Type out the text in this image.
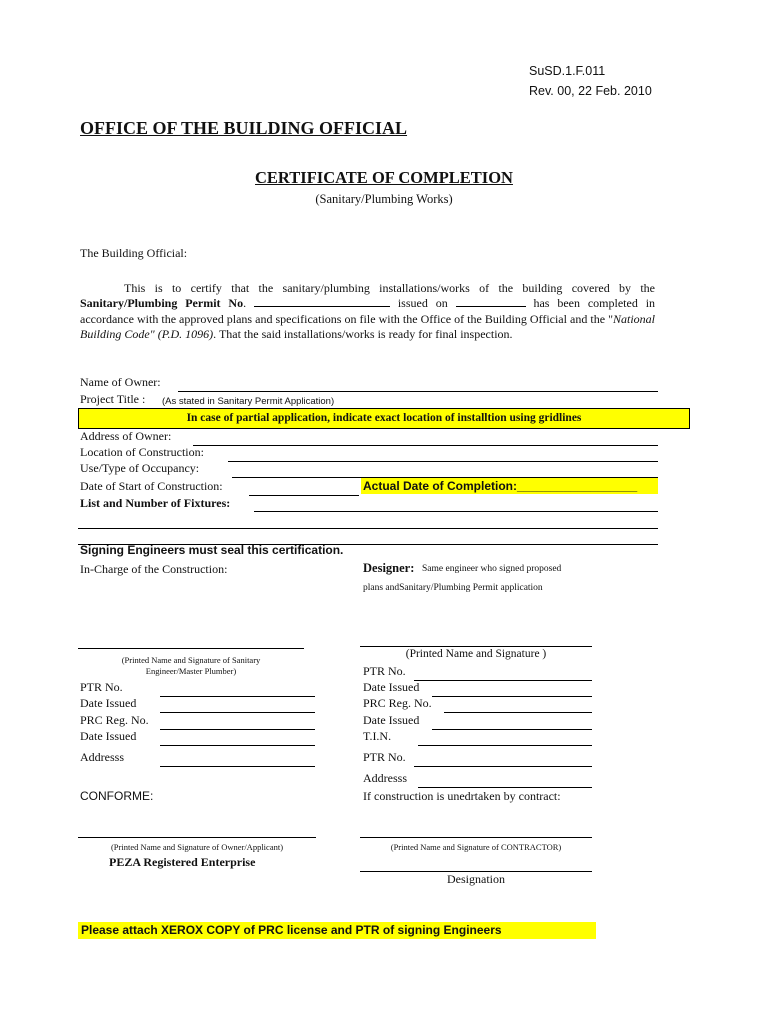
SuSD.1.F.011
Rev. 00, 22 Feb. 2010
OFFICE OF THE BUILDING OFFICIAL
CERTIFICATE OF COMPLETION
(Sanitary/Plumbing Works)
The Building Official:
This is to certify that the sanitary/plumbing installations/works of the building covered by the Sanitary/Plumbing Permit No.	issued on	has been completed in accordance with the approved plans and specifications on file with the Office of the Building Official and the "National Building Code" (P.D. 1096). That the said installations/works is ready for final inspection.
Name of Owner:
Project Title : (As stated in Sanitary Permit Application)
In case of partial application, indicate exact location of installtion using gridlines
Address of Owner:
Location of Construction:
Use/Type of Occupancy:
Date of Start of Construction:	Actual Date of Completion:__________________
List and Number of Fixtures:
Signing Engineers must seal this certification.
In-Charge of the Construction:	Designer: Same engineer who signed proposed
plans andSanitary/Plumbing Permit application
(Printed Name and Signature of Sanitary
Engineer/Master Plumber)
(Printed Name and Signature )
PTR No.
Date Issued
PRC Reg. No.
Date Issued
Addresss
PTR No.
Date Issued
PRC Reg. No.
Date Issued
T.I.N.
PTR No.
Addresss
CONFORME:	If construction is unedrtaken by contract:
(Printed Name and Signature of Owner/Applicant)	(Printed Name and Signature of CONTRACTOR)
PEZA Registered Enterprise
Designation
Please attach XEROX COPY of PRC license and PTR of signing Engineers
